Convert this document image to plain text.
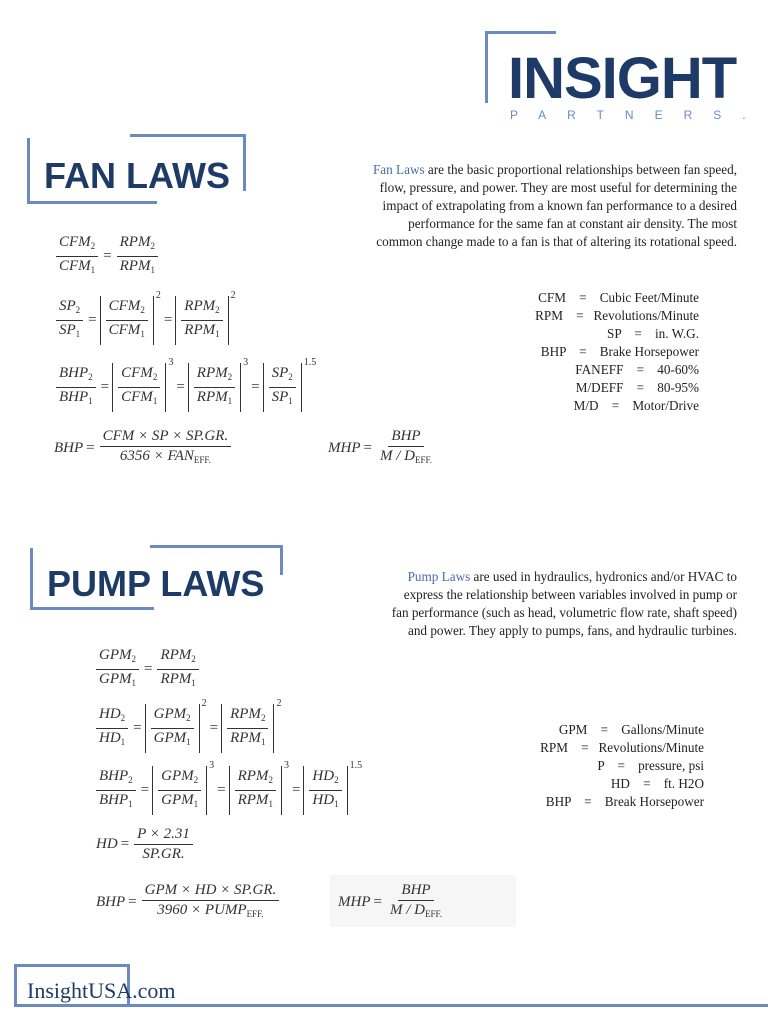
INSIGHT
PARTNERS.
FAN LAWS	Fan Laws are the basic proportional relationships between fan speed,
flow, pressure, and power. They are most useful for determining the
impact of extrapolating from a known fan performance to a desired
performance for the same fan at constant air density. The most
common change made to a fan is that of altering its rotational speed.
CFM    =    Cubic Feet/Minute
RPM    =   Revolutions/Minute
SP    =    in. W.G.
BHP    =    Brake Horsepower
FANEFF    =    40-60%
M/DEFF    =    80-95%
M/D    =    Motor/Drive
$\frac{CFM_2}{CFM_1} = \frac{RPM_2}{RPM_1}$
$\frac{SP_2}{SP_1} = \frac{CFM_2}{CFM_1}$
2
= $\frac{RPM_2}{RPM_1}$
2
$\frac{BHP_2}{BHP_1} = \frac{CFM_2}{CFM_1}$
3
= $\frac{RPM_2}{RPM_1}$
3
= $\frac{SP_2}{SP_1}$
1.5
BHP = $\frac{\text{CFM × SP × SP.GR.}}{6356 \times FAN_{EFF.}}$	MHP = $\frac{\text{BHP}}{M / D_{EFF.}}$
PUMP LAWS	Pump Laws are used in hydraulics, hydronics and/or HVAC to
express the relationship between variables involved in pump or
fan performance (such as head, volumetric flow rate, shaft speed)
and power. They apply to pumps, fans, and hydraulic turbines.
GPM    =    Gallons/Minute
RPM    =   Revolutions/Minute
P    =    pressure, psi
HD    =    ft. H2O
BHP    =    Break Horsepower
$\frac{GPM_2}{GPM_1} = \frac{RPM_2}{RPM_1}$
$\frac{HD_2}{HD_1} = \frac{GPM_2}{GPM_1}$
2
= $\frac{RPM_2}{RPM_1}$
2
$\frac{BHP_2}{BHP_1} = \frac{GPM_2}{GPM_1}$
3
= $\frac{RPM_2}{RPM_1}$
3
= $\frac{HD_2}{HD_1}$
1.5
HD = $\frac{P \times 2.31}{SP.GR.}$
BHP = $\frac{\text{GPM × HD × SP.GR.}}{3960 \times PUMP_{EFF.}}$	MHP = $\frac{\text{BHP}}{M / D_{EFF.}}$
InsightUSA.com
